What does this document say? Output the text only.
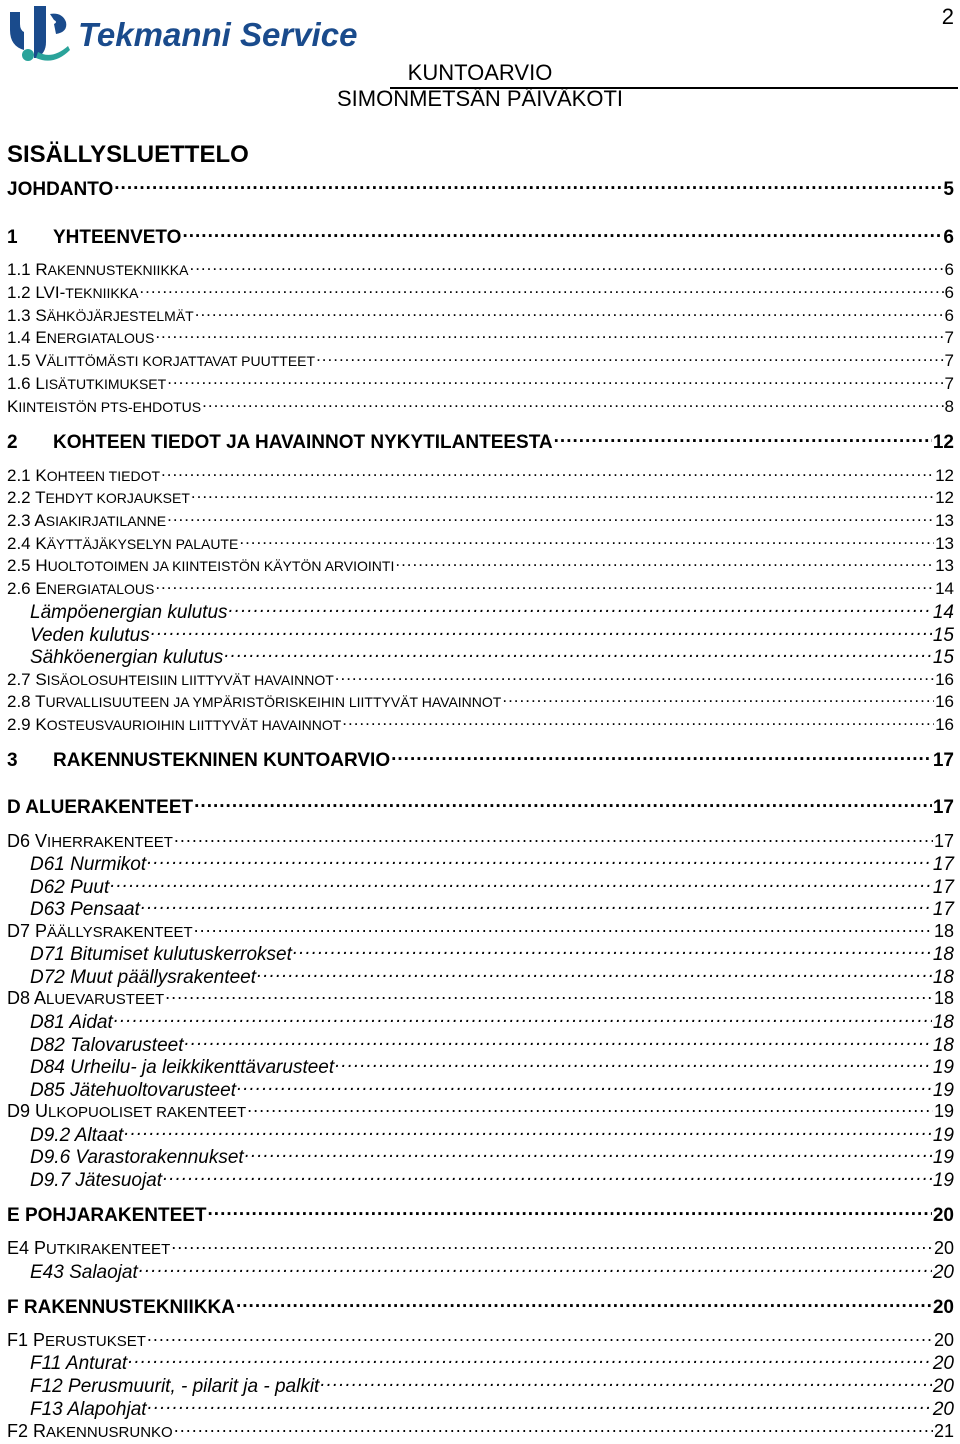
Tekmanni Service	2
KUNTOARVIO
SIMONMETSÄN PÄIVÄKOTI
SISÄLLYSLUETTELO
JOHDANTO .....	5
1 YHTEENVETO .....	6
1.1 RAKENNUSTEKNIIKKA .....	6
1.2 LVI-TEKNIIKKA .....	6
1.3 SÄHKÖJÄRJESTELMÄT .....	6
1.4 ENERGIATALOUS .....	7
1.5 VÄLITTÖMÄSTI KORJATTAVAT PUUTTEET .....	7
1.6 LISÄTUTKIMUKSET .....	7
KIINTEISTÖN PTS-EHDOTUS .....	8
2 KOHTEEN TIEDOT JA HAVAINNOT NYKYTILANTEESTA .....	12
2.1 KOHTEEN TIEDOT .....	12
2.2 TEHDYT KORJAUKSET .....	12
2.3 ASIAKIRJATILANNE .....	13
2.4 KÄYTTÄJÄKYSELYN PALAUTE .....	13
2.5 HUOLTOTOIMEN JA KIINTEISTÖN KÄYTÖN ARVIOINTI .....	13
2.6 ENERGIATALOUS .....	14
Lämpöenergian kulutus .....	14
Veden kulutus .....	15
Sähköenergian kulutus .....	15
2.7 SISÄOLOSUHTEISIIN LIITTYVÄT HAVAINNOT .....	16
2.8 TURVALLISUUTEEN JA YMPÄRISTÖRISKEIHIN LIITTYVÄT HAVAINNOT .....	16
2.9 KOSTEUSVAURIOIHIN LIITTYVÄT HAVAINNOT .....	16
3 RAKENNUSTEKNINEN KUNTOARVIO .....	17
D ALUERAKENTEET .....	17
D6 VIHERRAKENTEET .....	17
D61 Nurmikot .....	17
D62 Puut .....	17
D63 Pensaat .....	17
D7 PÄÄLLYSRAKENTEET .....	18
D71 Bitumiset kulutuskerrokset .....	18
D72 Muut päällysrakenteet .....	18
D8 ALUEVARUSTEET .....	18
D81 Aidat .....	18
D82 Talovarusteet .....	18
D84 Urheilu- ja leikkikenttävarusteet .....	19
D85 Jätehuoltovarusteet .....	19
D9 ULKOPUOLISET RAKENTEET .....	19
D9.2 Altaat .....	19
D9.6 Varastorakennukset .....	19
D9.7 Jätesuojat .....	19
E POHJARAKENTEET .....	20
E4 PUTKIRAKENTEET .....	20
E43 Salaojat .....	20
F RAKENNUSTEKNIIKKA .....	20
F1 PERUSTUKSET .....	20
F11 Anturat .....	20
F12 Perusmuurit, - pilarit ja - palkit .....	20
F13 Alapohjat .....	20
F2 RAKENNUSRUNKO .....	21
